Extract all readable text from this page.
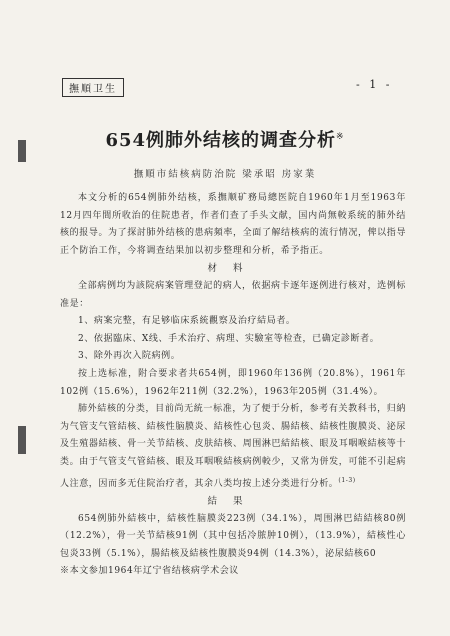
撫順卫生	- 1 -
654例肺外结核的调查分析※
撫順市結核病防治院 梁承昭 房家業

本文分析的654例肺外结核，系撫顺矿務局總医院自1960年1月至1963年12月四年間所收治的住院患者，作者们查了手头文献，国内尚無較系统的肺外结核的报导。为了探討肺外结核的患病頻率，全面了解结核病的流行情况，俾以指导正个防治工作，今将调查结果加以初步整理和分析，希予指正。

材料

全部病例均为該院病案管理登記的病人，依据病卡逐年逐例进行核对，选例标准是：

1、病案完整，有足够临床系統觀察及治疗結局者。

2、依据臨床、X线、手术治疗、病理、实驗室等检查，已确定診断者。

3、除外再次入院病例。

按上选标准，附合要求者共654例，即1960年136例（20.8%），1961年102例（15.6%），1962年211例（32.2%），1963年205例（31.4%）。

肺外結核的分类，目前尚无統一标准，为了便于分析，参考有关教科书，归納为气管支气管結核、結核性脑膜炎、結核性心包炎、腸結核、結核性腹膜炎、泌尿及生殖器結核、骨一关节結核、皮肤結核、周围淋巴結結核、眼及耳咽喉結核等十类。由于气管支气管結核、眼及耳咽喉結核病例較少，又常为併发，可能不引起病人注意，因而多无住院治疗者，其余八类均按上述分类进行分析。$^{(1-3)}$

結果

654例肺外結核中，結核性脑膜炎223例（34.1%），周围淋巴結結核80例（12.2%），骨一关节結核91例（其中包括冷脓肿10例），（13.9%），結核性心包炎33例（5.1%），腸結核及結核性腹膜炎94例（14.3%），泌尿結核60

※本文参加1964年辽宁省结核病学术会议
